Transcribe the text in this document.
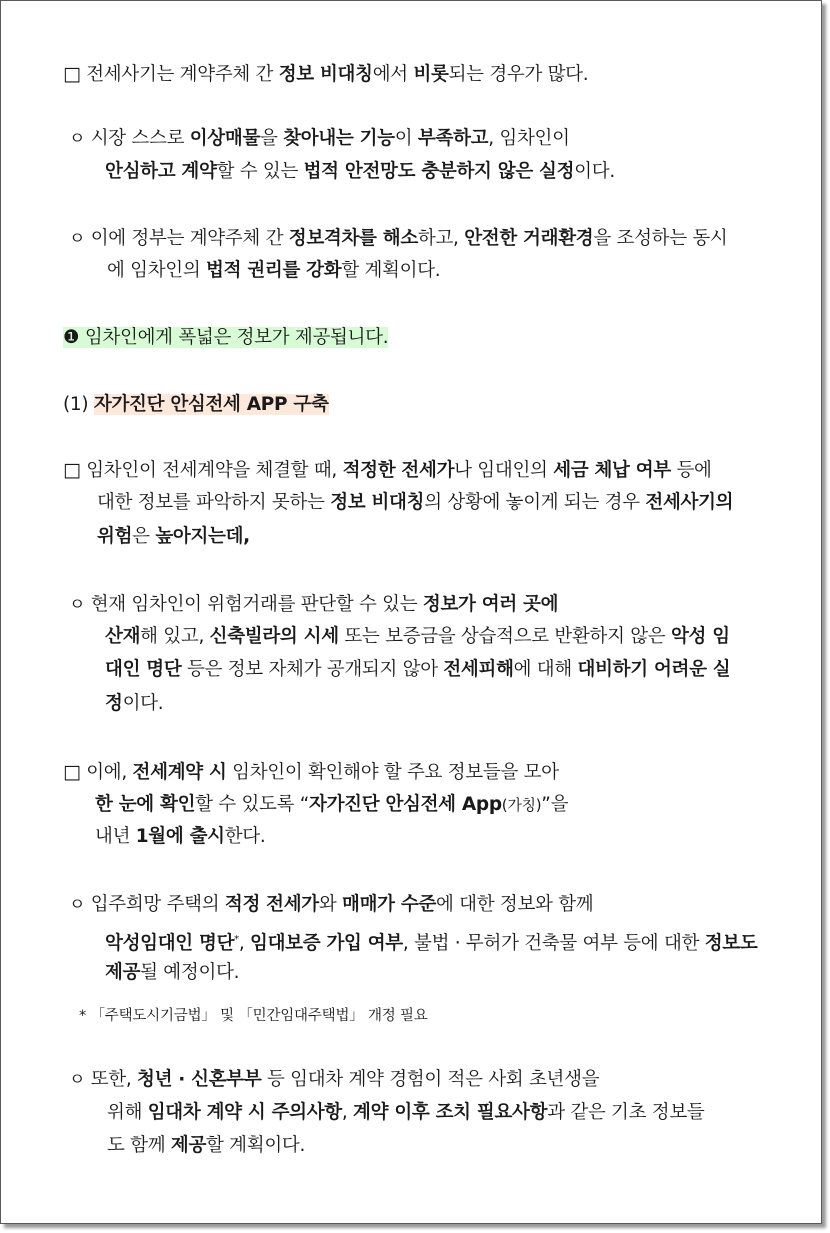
□ 전세사기는 계약주체 간 정보 비대칭에서 비롯되는 경우가 많다.
ㅇ 시장 스스로 이상매물을 찾아내는 기능이 부족하고, 임차인이
안심하고 계약할 수 있는 법적 안전망도 충분하지 않은 실정이다.
ㅇ 이에 정부는 계약주체 간 정보격차를 해소하고, 안전한 거래환경을 조성하는 동시
에 임차인의 법적 권리를 강화할 계획이다.
❶ 임차인에게 폭넓은 정보가 제공됩니다.
(1) 자가진단 안심전세 APP 구축
□ 임차인이 전세계약을 체결할 때, 적정한 전세가나 임대인의 세금 체납 여부 등에
대한 정보를 파악하지 못하는 정보 비대칭의 상황에 놓이게 되는 경우 전세사기의
위험은 높아지는데,
ㅇ 현재 임차인이 위험거래를 판단할 수 있는 정보가 여러 곳에
산재해 있고, 신축빌라의 시세 또는 보증금을 상습적으로 반환하지 않은 악성 임
대인 명단 등은 정보 자체가 공개되지 않아 전세피해에 대해 대비하기 어려운 실
정이다.
□ 이에, 전세계약 시 임차인이 확인해야 할 주요 정보들을 모아
한 눈에 확인할 수 있도록 “자가진단 안심전세 App(가칭)”을
내년 1월에 출시한다.
ㅇ 입주희망 주택의 적정 전세가와 매매가 수준에 대한 정보와 함께
악성임대인 명단*, 임대보증 가입 여부, 불법 · 무허가 건축물 여부 등에 대한 정보도
제공될 예정이다.
* 「주택도시기금법」 및 「민간임대주택법」 개정 필요
ㅇ 또한, 청년 · 신혼부부 등 임대차 계약 경험이 적은 사회 초년생을
위해 임대차 계약 시 주의사항, 계약 이후 조치 필요사항과 같은 기초 정보들
도 함께 제공할 계획이다.
